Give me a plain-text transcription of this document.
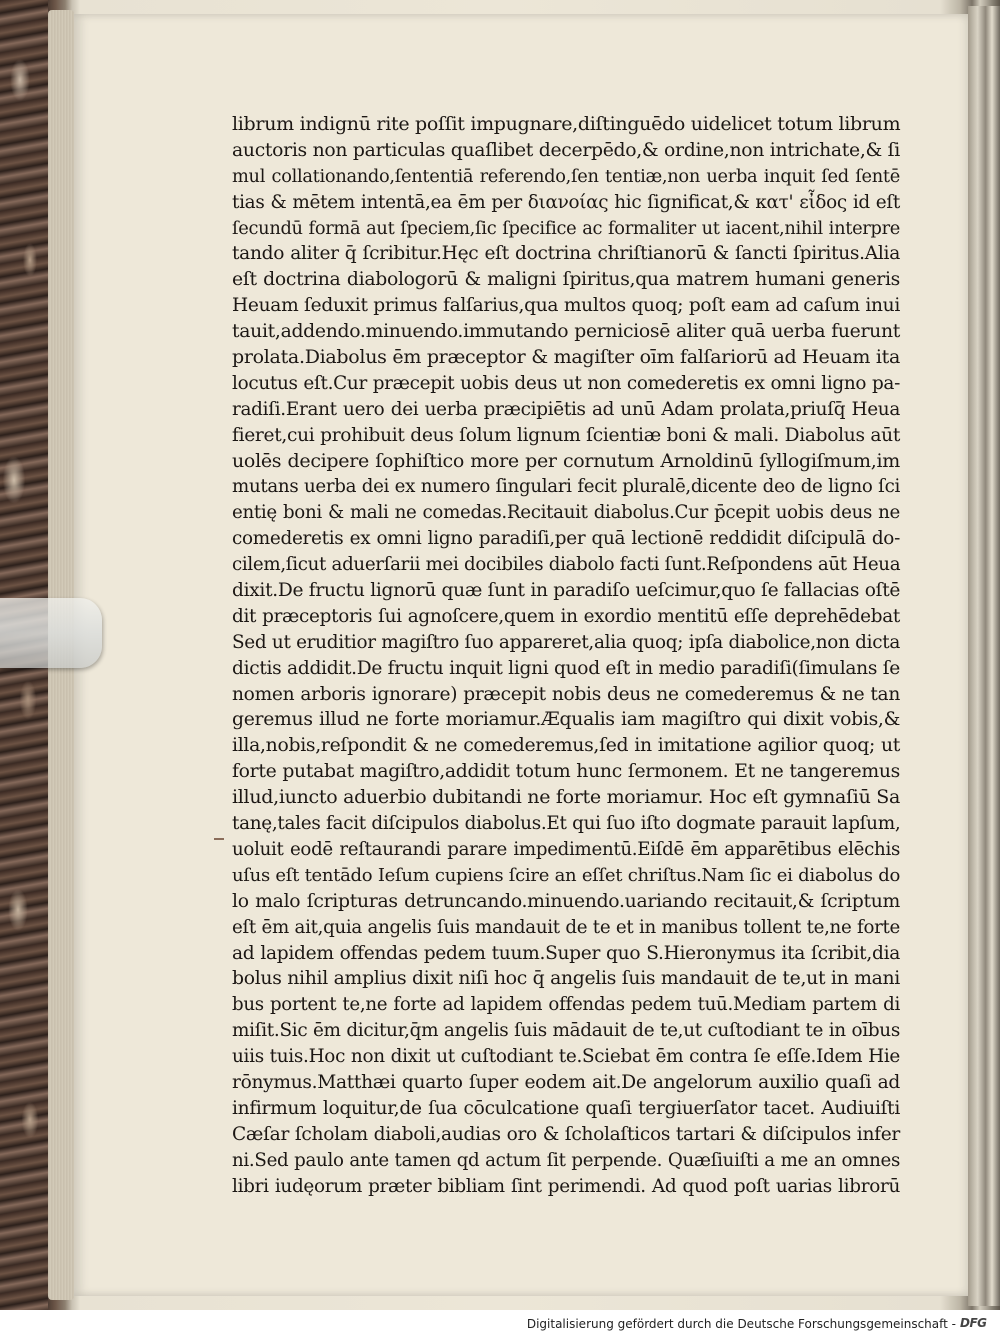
librum indignū rite poſſit impugnare,diſtinguēdo uidelicet totum librum
auctoris non particulas quaſlibet decerpēdo,& ordine,non intrichate,& ſi
mul collationando,ſententiā referendo,ſen tentiæ,non uerba inquit ſed ſentē
tias & mētem intentā,ea ēm per διανοίας hic ſignificat,& κατ' εἶδος id eſt
ſecundū formā aut ſpeciem,ſic ſpecifice ac formaliter ut iacent,nihil interpre
tando aliter q̄ ſcribitur.Hęc eſt doctrina chriſtianorū & ſancti ſpiritus.Alia
eſt doctrina diabologorū & maligni ſpiritus,qua matrem humani generis
Heuam ſeduxit primus falſarius,qua multos quoq; poſt eam ad caſum inui
tauit,addendo.minuendo.immutando perniciosē aliter quā uerba fuerunt
prolata.Diabolus ēm præceptor & magiſter oīm falſariorū ad Heuam ita
locutus eſt.Cur præcepit uobis deus ut non comederetis ex omni ligno pa-
radiſi.Erant uero dei uerba præcipiētis ad unū Adam prolata,priuſq̄ Heua
fieret,cui prohibuit deus ſolum lignum ſcientiæ boni & mali. Diabolus aūt
uolēs decipere ſophiſtico more per cornutum Arnoldinū ſyllogiſmum,im
mutans uerba dei ex numero ſingulari fecit pluralē,dicente deo de ligno ſci
entię boni & mali ne comedas.Recitauit diabolus.Cur p̄cepit uobis deus ne
comederetis ex omni ligno paradiſi,per quā lectionē reddidit diſcipulā do-
cilem,ſicut aduerſarii mei docibiles diabolo facti ſunt.Reſpondens aūt Heua
dixit.De fructu lignorū quæ ſunt in paradiſo ueſcimur,quo ſe fallacias oſtē
dit præceptoris ſui agnoſcere,quem in exordio mentitū eſſe deprehēdebat
Sed ut eruditior magiſtro ſuo appareret,alia quoq; ipſa diabolice,non dicta
dictis addidit.De fructu inquit ligni quod eſt in medio paradiſi(ſimulans ſe
nomen arboris ignorare) præcepit nobis deus ne comederemus & ne tan
geremus illud ne forte moriamur.Æqualis iam magiſtro qui dixit vobis,&
illa,nobis,reſpondit & ne comederemus,ſed in imitatione agilior quoq; ut
forte putabat magiſtro,addidit totum hunc ſermonem. Et ne tangeremus
illud,iuncto aduerbio dubitandi ne forte moriamur. Hoc eſt gymnaſiū Sa
tanę,tales facit diſcipulos diabolus.Et qui ſuo iſto dogmate parauit lapſum,
uoluit eodē reſtaurandi parare impedimentū.Eiſdē ēm apparētibus elēchis
uſus eſt tentādo Ieſum cupiens ſcire an eſſet chriſtus.Nam ſic ei diabolus do
lo malo ſcripturas detruncando.minuendo.uariando recitauit,& ſcriptum
eſt ēm ait,quia angelis ſuis mandauit de te et in manibus tollent te,ne forte
ad lapidem offendas pedem tuum.Super quo S.Hieronymus ita ſcribit,dia
bolus nihil amplius dixit niſi hoc q̄ angelis ſuis mandauit de te,ut in mani
bus portent te,ne forte ad lapidem offendas pedem tuū.Mediam partem di
miſit.Sic ēm dicitur,q̄m angelis ſuis mādauit de te,ut cuſtodiant te in oībus
uiis tuis.Hoc non dixit ut cuſtodiant te.Sciebat ēm contra ſe eſſe.Idem Hie
rōnymus.Matthæi quarto ſuper eodem ait.De angelorum auxilio quaſi ad
infirmum loquitur,de ſua cōculcatione quaſi tergiuerſator tacet. Audiuiſti
Cæſar ſcholam diaboli,audias oro & ſcholaſticos tartari & diſcipulos infer
ni.Sed paulo ante tamen qd actum ſit perpende. Quæſiuiſti a me an omnes
libri iudęorum præter bibliam ſint perimendi. Ad quod poſt uarias librorū
Digitalisierung gefördert durch die Deutsche Forschungsgemeinschaft - DFG
